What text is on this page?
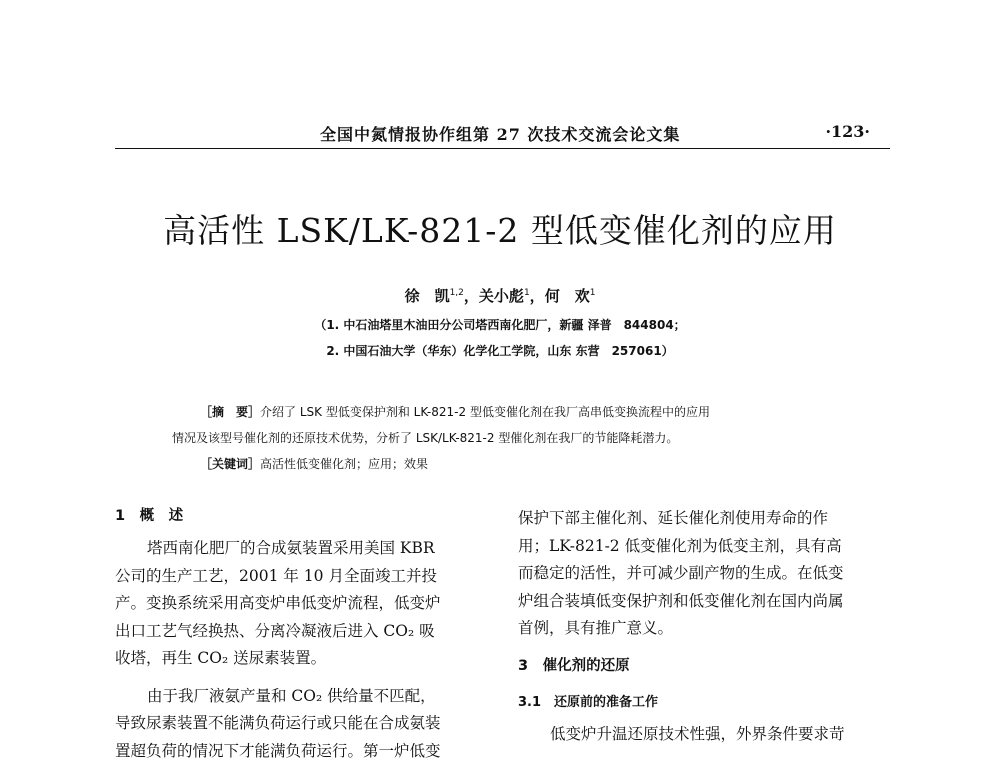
全国中氮情报协作组第 27 次技术交流会论文集	·123·
高活性 LSK/LK-821-2 型低变催化剂的应用
徐　凯$^{1,2}$，关小彪$^1$，何　欢$^1$
（1. 中石油塔里木油田分公司塔西南化肥厂，新疆 泽普　844804；
2. 中国石油大学（华东）化学化工学院，山东 东营　257061）
［摘　要］介绍了 LSK 型低变保护剂和 LK-821-2 型低变催化剂在我厂高串低变换流程中的应用
情况及该型号催化剂的还原技术优势，分析了 LSK/LK-821-2 型催化剂在我厂的节能降耗潜力。
［关键词］高活性低变催化剂；应用；效果
1　概　述
塔西南化肥厂的合成氨装置采用美国 KBR
公司的生产工艺，2001 年 10 月全面竣工并投
产。变换系统采用高变炉串低变炉流程，低变炉
出口工艺气经换热、分离冷凝液后进入 CO₂ 吸
收塔，再生 CO₂ 送尿素装置。
由于我厂液氨产量和 CO₂ 供给量不匹配，
导致尿素装置不能满负荷运行或只能在合成氨装
置超负荷的情况下才能满负荷运行。第一炉低变
保护下部主催化剂、延长催化剂使用寿命的作
用；LK-821-2 低变催化剂为低变主剂，具有高
而稳定的活性，并可减少副产物的生成。在低变
炉组合装填低变保护剂和低变催化剂在国内尚属
首例，具有推广意义。
3　催化剂的还原
3.1　还原前的准备工作
低变炉升温还原技术性强，外界条件要求苛
